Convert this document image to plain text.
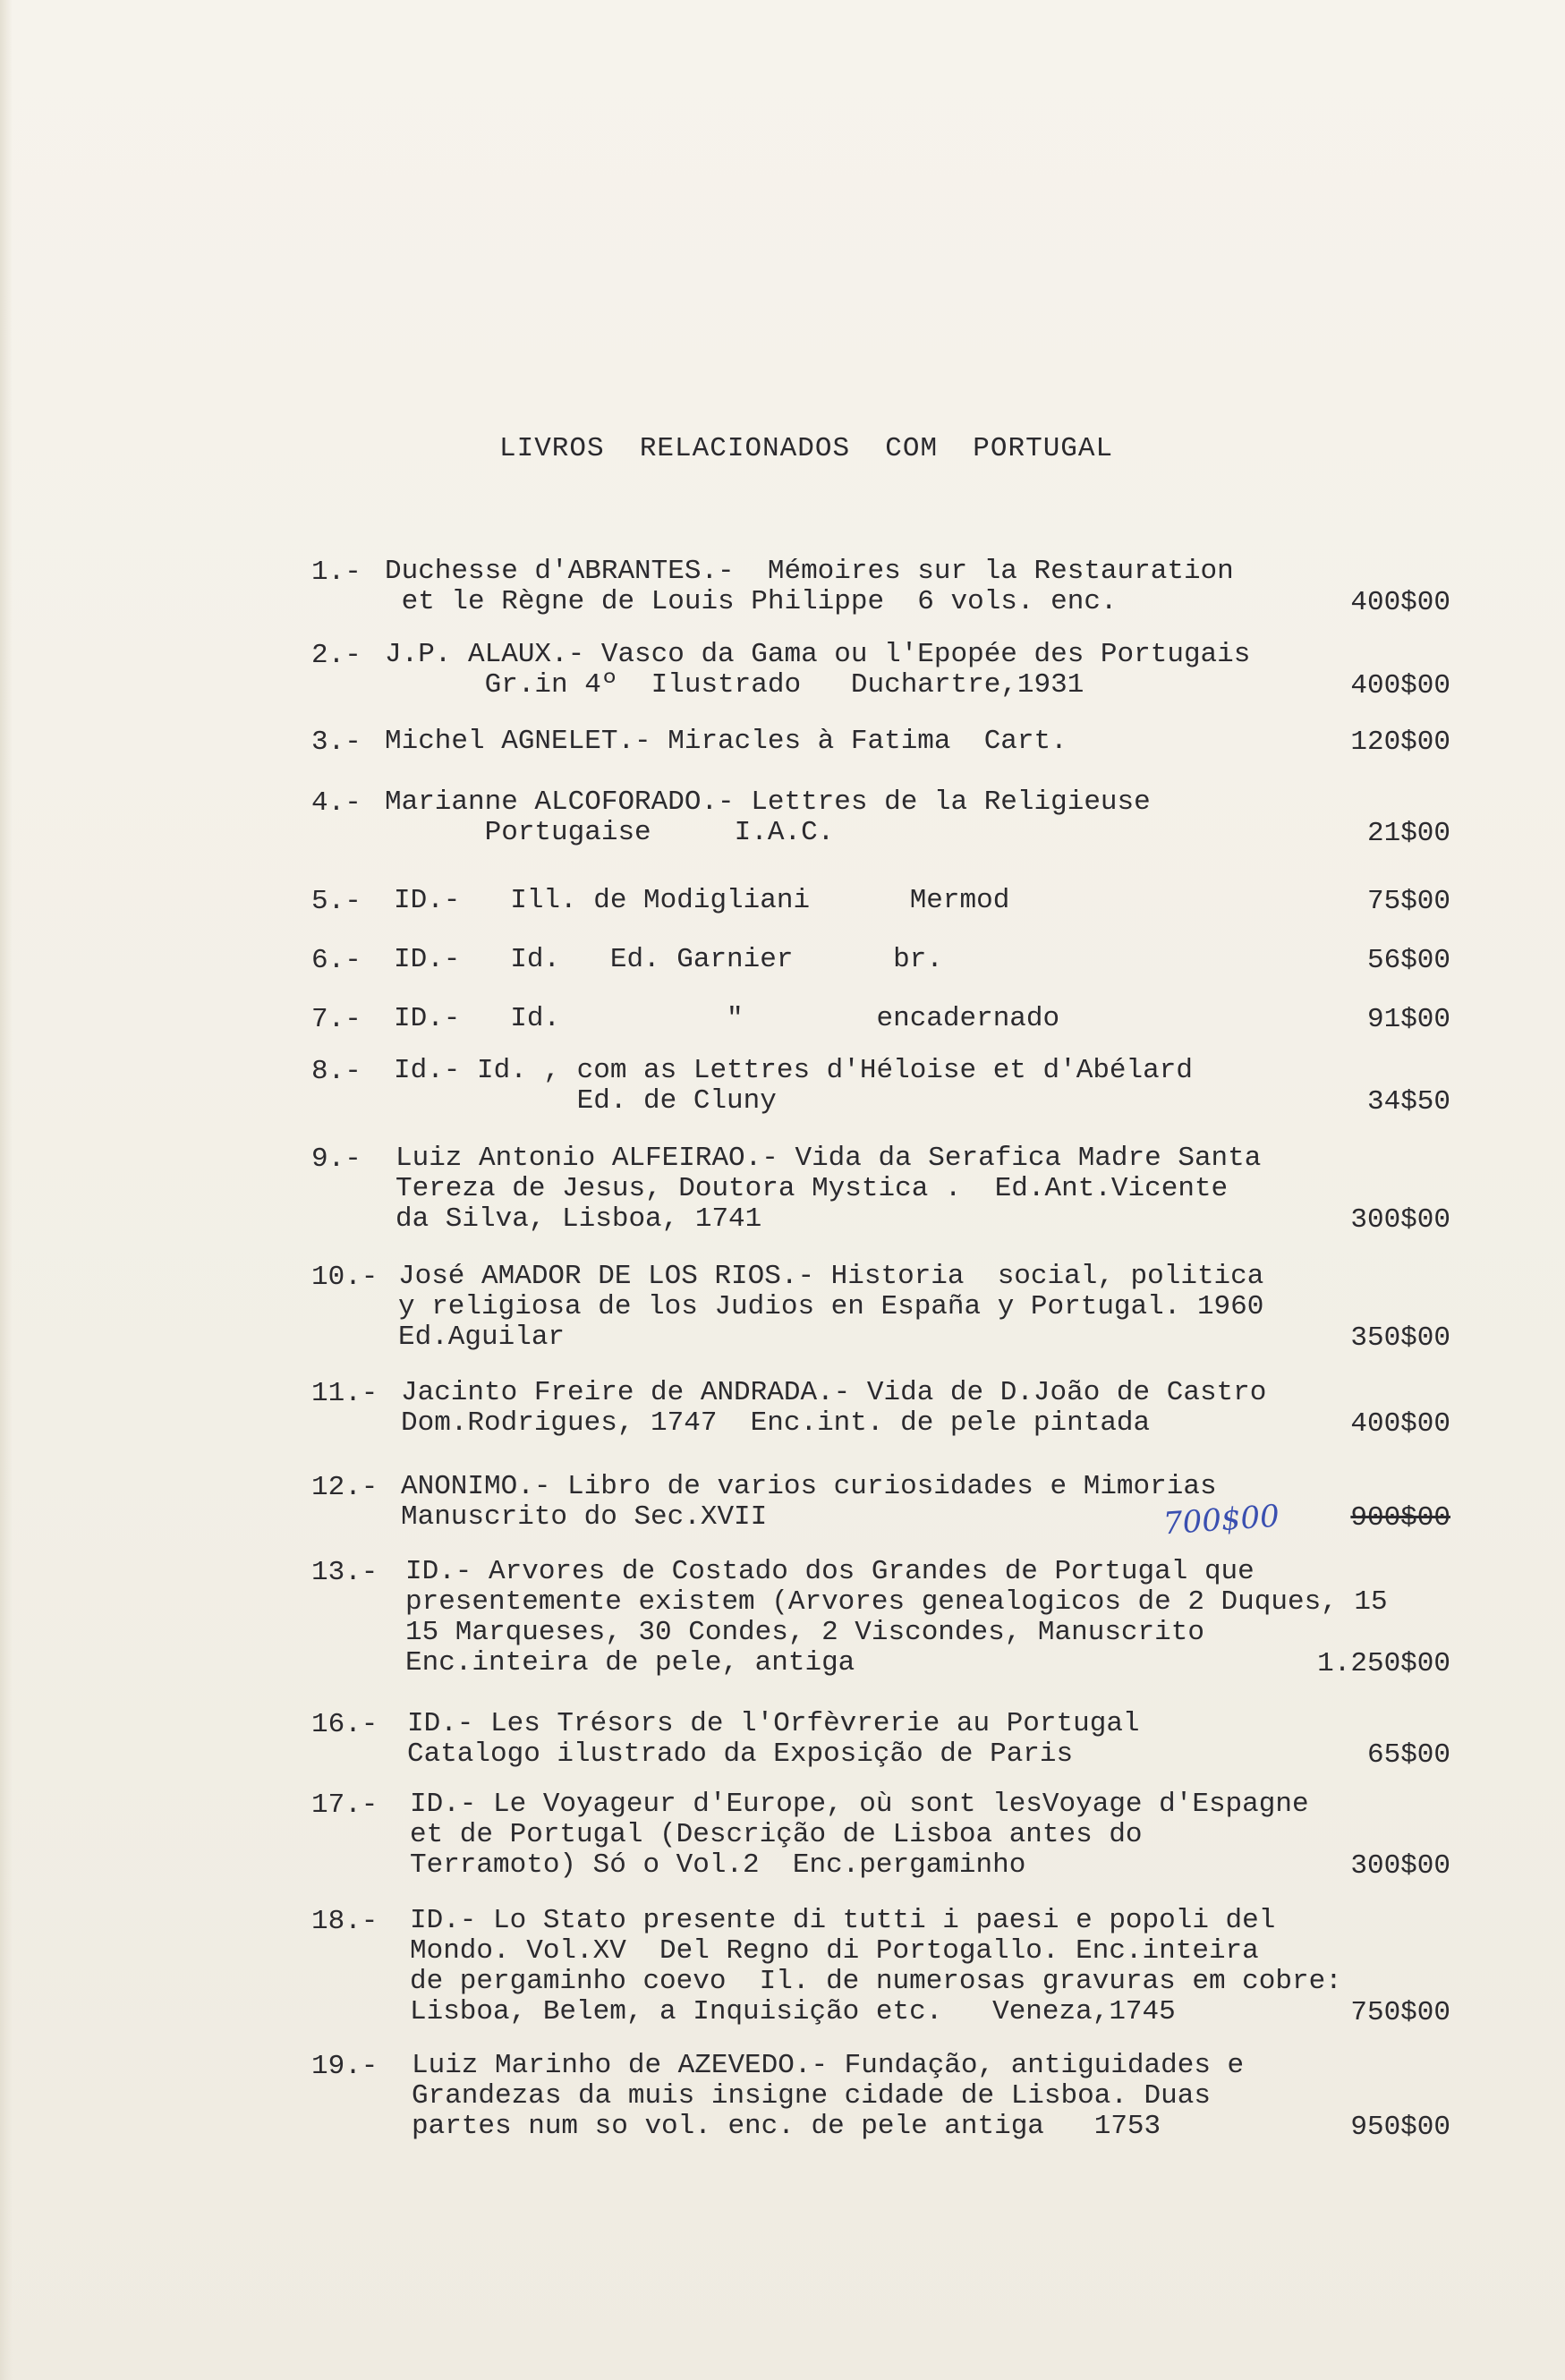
LIVROS  RELACIONADOS  COM  PORTUGAL
1.- Duchesse d'ABRANTES.-  Mémoires sur la Restauration
et le Règne de Louis Philippe  6 vols. enc.	400$00
2.- J.P. ALAUX.- Vasco da Gama ou l'Epopée des Portugais
Gr.in 4º  Ilustrado   Duchartre,1931	400$00
3.- Michel AGNELET.- Miracles à Fatima  Cart.	120$00
4.- Marianne ALCOFORADO.- Lettres de la Religieuse
Portugaise     I.A.C.	21$00
5.-	ID.-   Ill. de Modigliani      Mermod	75$00
6.-	ID.-   Id.   Ed. Garnier      br.	56$00
7.-	ID.-   Id.          "        encadernado	91$00
8.-	Id.- Id. , com as Lettres d'Héloise et d'Abélard
Ed. de Cluny	34$50
9.-	Luiz Antonio ALFEIRAO.- Vida da Serafica Madre Santa
Tereza de Jesus, Doutora Mystica .  Ed.Ant.Vicente
da Silva, Lisboa, 1741	300$00
10.- José AMADOR DE LOS RIOS.- Historia  social, politica
y religiosa de los Judios en España y Portugal. 1960
Ed.Aguilar	350$00
11.- Jacinto Freire de ANDRADA.- Vida de D.João de Castro
Dom.Rodrigues, 1747  Enc.int. de pele pintada	400$00
12.- ANONIMO.- Libro de varios curiosidades e Mimorias
Manuscrito do Sec.XVII	900$00
700$00
13.- ID.- Arvores de Costado dos Grandes de Portugal que
presentemente existem (Arvores genealogicos de 2 Duques, 15
15 Marqueses, 30 Condes, 2 Viscondes, Manuscrito
Enc.inteira de pele, antiga	1.250$00
16.-	ID.- Les Trésors de l'Orfèvrerie au Portugal
Catalogo ilustrado da Exposição de Paris	65$00
17.-	ID.- Le Voyageur d'Europe, où sont lesVoyage d'Espagne
et de Portugal (Descrição de Lisboa antes do
Terramoto) Só o Vol.2  Enc.pergaminho	300$00
18.-	ID.- Lo Stato presente di tutti i paesi e popoli del
Mondo. Vol.XV  Del Regno di Portogallo. Enc.inteira
de pergaminho coevo  Il. de numerosas gravuras em cobre:
Lisboa, Belem, a Inquisição etc.   Veneza,1745	750$00
19.-	Luiz Marinho de AZEVEDO.- Fundação, antiguidades e
Grandezas da muis insigne cidade de Lisboa. Duas
partes num so vol. enc. de pele antiga   1753	950$00
